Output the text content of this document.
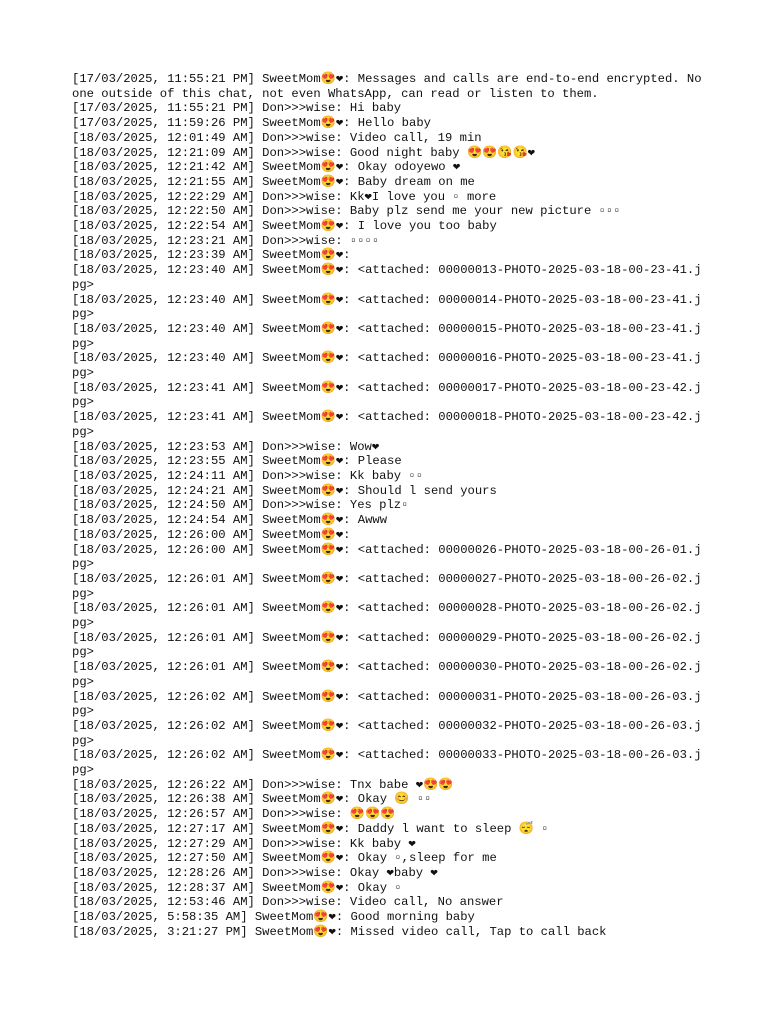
[17/03/2025, 11:55:21 PM] SweetMom😍❤: Messages and calls are end-to-end encrypted. No one outside of this chat, not even WhatsApp, can read or listen to them.
[17/03/2025, 11:55:21 PM] Don>>>wise: Hi baby
[17/03/2025, 11:59:26 PM] SweetMom😍❤: Hello baby
[18/03/2025, 12:01:49 AM] Don>>>wise: Video call, 19 min
[18/03/2025, 12:21:09 AM] Don>>>wise: Good night baby 😍😍😘😘❤
[18/03/2025, 12:21:42 AM] SweetMom😍❤: Okay odoyewo ❤
[18/03/2025, 12:21:55 AM] SweetMom😍❤: Baby dream on me
[18/03/2025, 12:22:29 AM] Don>>>wise: Kk❤I love you ▫ more
[18/03/2025, 12:22:50 AM] Don>>>wise: Baby plz send me your new picture ▫▫▫
[18/03/2025, 12:22:54 AM] SweetMom😍❤: I love you too baby
[18/03/2025, 12:23:21 AM] Don>>>wise: ▫▫▫▫
[18/03/2025, 12:23:39 AM] SweetMom😍❤:
[18/03/2025, 12:23:40 AM] SweetMom😍❤: <attached: 00000013-PHOTO-2025-03-18-00-23-41.jpg>
[18/03/2025, 12:23:40 AM] SweetMom😍❤: <attached: 00000014-PHOTO-2025-03-18-00-23-41.jpg>
[18/03/2025, 12:23:40 AM] SweetMom😍❤: <attached: 00000015-PHOTO-2025-03-18-00-23-41.jpg>
[18/03/2025, 12:23:40 AM] SweetMom😍❤: <attached: 00000016-PHOTO-2025-03-18-00-23-41.jpg>
[18/03/2025, 12:23:41 AM] SweetMom😍❤: <attached: 00000017-PHOTO-2025-03-18-00-23-42.jpg>
[18/03/2025, 12:23:41 AM] SweetMom😍❤: <attached: 00000018-PHOTO-2025-03-18-00-23-42.jpg>
[18/03/2025, 12:23:53 AM] Don>>>wise: Wow❤
[18/03/2025, 12:23:55 AM] SweetMom😍❤: Please
[18/03/2025, 12:24:11 AM] Don>>>wise: Kk baby ▫▫
[18/03/2025, 12:24:21 AM] SweetMom😍❤: Should l send yours
[18/03/2025, 12:24:50 AM] Don>>>wise: Yes plz▫
[18/03/2025, 12:24:54 AM] SweetMom😍❤: Awww
[18/03/2025, 12:26:00 AM] SweetMom😍❤:
[18/03/2025, 12:26:00 AM] SweetMom😍❤: <attached: 00000026-PHOTO-2025-03-18-00-26-01.jpg>
[18/03/2025, 12:26:01 AM] SweetMom😍❤: <attached: 00000027-PHOTO-2025-03-18-00-26-02.jpg>
[18/03/2025, 12:26:01 AM] SweetMom😍❤: <attached: 00000028-PHOTO-2025-03-18-00-26-02.jpg>
[18/03/2025, 12:26:01 AM] SweetMom😍❤: <attached: 00000029-PHOTO-2025-03-18-00-26-02.jpg>
[18/03/2025, 12:26:01 AM] SweetMom😍❤: <attached: 00000030-PHOTO-2025-03-18-00-26-02.jpg>
[18/03/2025, 12:26:02 AM] SweetMom😍❤: <attached: 00000031-PHOTO-2025-03-18-00-26-03.jpg>
[18/03/2025, 12:26:02 AM] SweetMom😍❤: <attached: 00000032-PHOTO-2025-03-18-00-26-03.jpg>
[18/03/2025, 12:26:02 AM] SweetMom😍❤: <attached: 00000033-PHOTO-2025-03-18-00-26-03.jpg>
[18/03/2025, 12:26:22 AM] Don>>>wise: Tnx babe ❤😍😍
[18/03/2025, 12:26:38 AM] SweetMom😍❤: Okay 😊 ▫▫
[18/03/2025, 12:26:57 AM] Don>>>wise: 😍😍😍
[18/03/2025, 12:27:17 AM] SweetMom😍❤: Daddy l want to sleep 😴 ▫
[18/03/2025, 12:27:29 AM] Don>>>wise: Kk baby ❤
[18/03/2025, 12:27:50 AM] SweetMom😍❤: Okay ▫,sleep for me
[18/03/2025, 12:28:26 AM] Don>>>wise: Okay ❤baby ❤
[18/03/2025, 12:28:37 AM] SweetMom😍❤: Okay ▫
[18/03/2025, 12:53:46 AM] Don>>>wise: Video call, No answer
[18/03/2025, 5:58:35 AM] SweetMom😍❤: Good morning baby
[18/03/2025, 3:21:27 PM] SweetMom😍❤: Missed video call, Tap to call back
